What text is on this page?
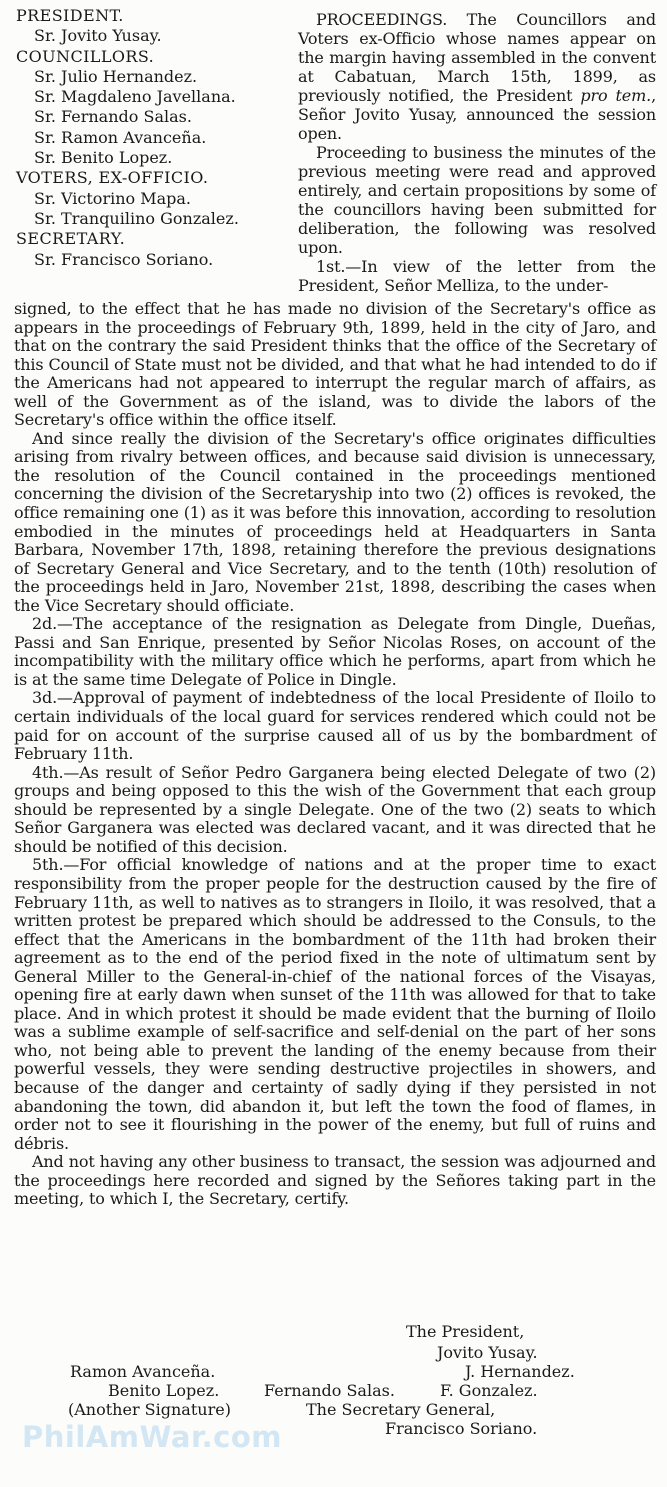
PRESIDENT.
Sr. Jovito Yusay.
COUNCILLORS.
Sr. Julio Hernandez.
Sr. Magdaleno Javellana.
Sr. Fernando Salas.
Sr. Ramon Avanceña.
Sr. Benito Lopez.
VOTERS, EX-OFFICIO.
Sr. Victorino Mapa.
Sr. Tranquilino Gonzalez.
SECRETARY.
Sr. Francisco Soriano.

PROCEEDINGS. The Councillors and Voters ex-Officio whose names appear on the margin having assembled in the convent at Cabatuan, March 15th, 1899, as previously notified, the President pro tem., Señor Jovito Yusay, announced the session open.

Proceeding to business the minutes of the previous meeting were read and approved entirely, and certain propositions by some of the councillors having been submitted for deliberation, the following was resolved upon.

1st.—In view of the letter from the President, Señor Melliza, to the under-

signed, to the effect that he has made no division of the Secretary's office as appears in the proceedings of February 9th, 1899, held in the city of Jaro, and that on the contrary the said President thinks that the office of the Secretary of this Council of State must not be divided, and that what he had intended to do if the Americans had not appeared to interrupt the regular march of affairs, as well of the Government as of the island, was to divide the labors of the Secretary's office within the office itself.

And since really the division of the Secretary's office originates difficulties arising from rivalry between offices, and because said division is unnecessary, the resolution of the Council contained in the proceedings mentioned concerning the division of the Secretaryship into two (2) offices is revoked, the office remaining one (1) as it was before this innovation, according to resolution embodied in the minutes of proceedings held at Headquarters in Santa Barbara, November 17th, 1898, retaining therefore the previous designations of Secretary General and Vice Secretary, and to the tenth (10th) resolution of the proceedings held in Jaro, November 21st, 1898, describing the cases when the Vice Secretary should officiate.

2d.—The acceptance of the resignation as Delegate from Dingle, Dueñas, Passi and San Enrique, presented by Señor Nicolas Roses, on account of the incompatibility with the military office which he performs, apart from which he is at the same time Delegate of Police in Dingle.

3d.—Approval of payment of indebtedness of the local Presidente of Iloilo to certain individuals of the local guard for services rendered which could not be paid for on account of the surprise caused all of us by the bombardment of February 11th.

4th.—As result of Señor Pedro Garganera being elected Delegate of two (2) groups and being opposed to this the wish of the Government that each group should be represented by a single Delegate. One of the two (2) seats to which Señor Garganera was elected was declared vacant, and it was directed that he should be notified of this decision.

5th.—For official knowledge of nations and at the proper time to exact responsibility from the proper people for the destruction caused by the fire of February 11th, as well to natives as to strangers in Iloilo, it was resolved, that a written protest be prepared which should be addressed to the Consuls, to the effect that the Americans in the bombardment of the 11th had broken their agreement as to the end of the period fixed in the note of ultimatum sent by General Miller to the General-in-chief of the national forces of the Visayas, opening fire at early dawn when sunset of the 11th was allowed for that to take place. And in which protest it should be made evident that the burning of Iloilo was a sublime example of self-sacrifice and self-denial on the part of her sons who, not being able to prevent the landing of the enemy because from their powerful vessels, they were sending destructive projectiles in showers, and because of the danger and certainty of sadly dying if they persisted in not abandoning the town, did abandon it, but left the town the food of flames, in order not to see it flourishing in the power of the enemy, but full of ruins and débris.

And not having any other business to transact, the session was adjourned and the proceedings here recorded and signed by the Señores taking part in the meeting, to which I, the Secretary, certify.

The President,
Jovito Yusay.
Ramon Avanceña.	J. Hernandez.
Benito Lopez.	Fernando Salas.	F. Gonzalez.
(Another Signature)	The Secretary General,
Francisco Soriano.
PhilAmWar.com
